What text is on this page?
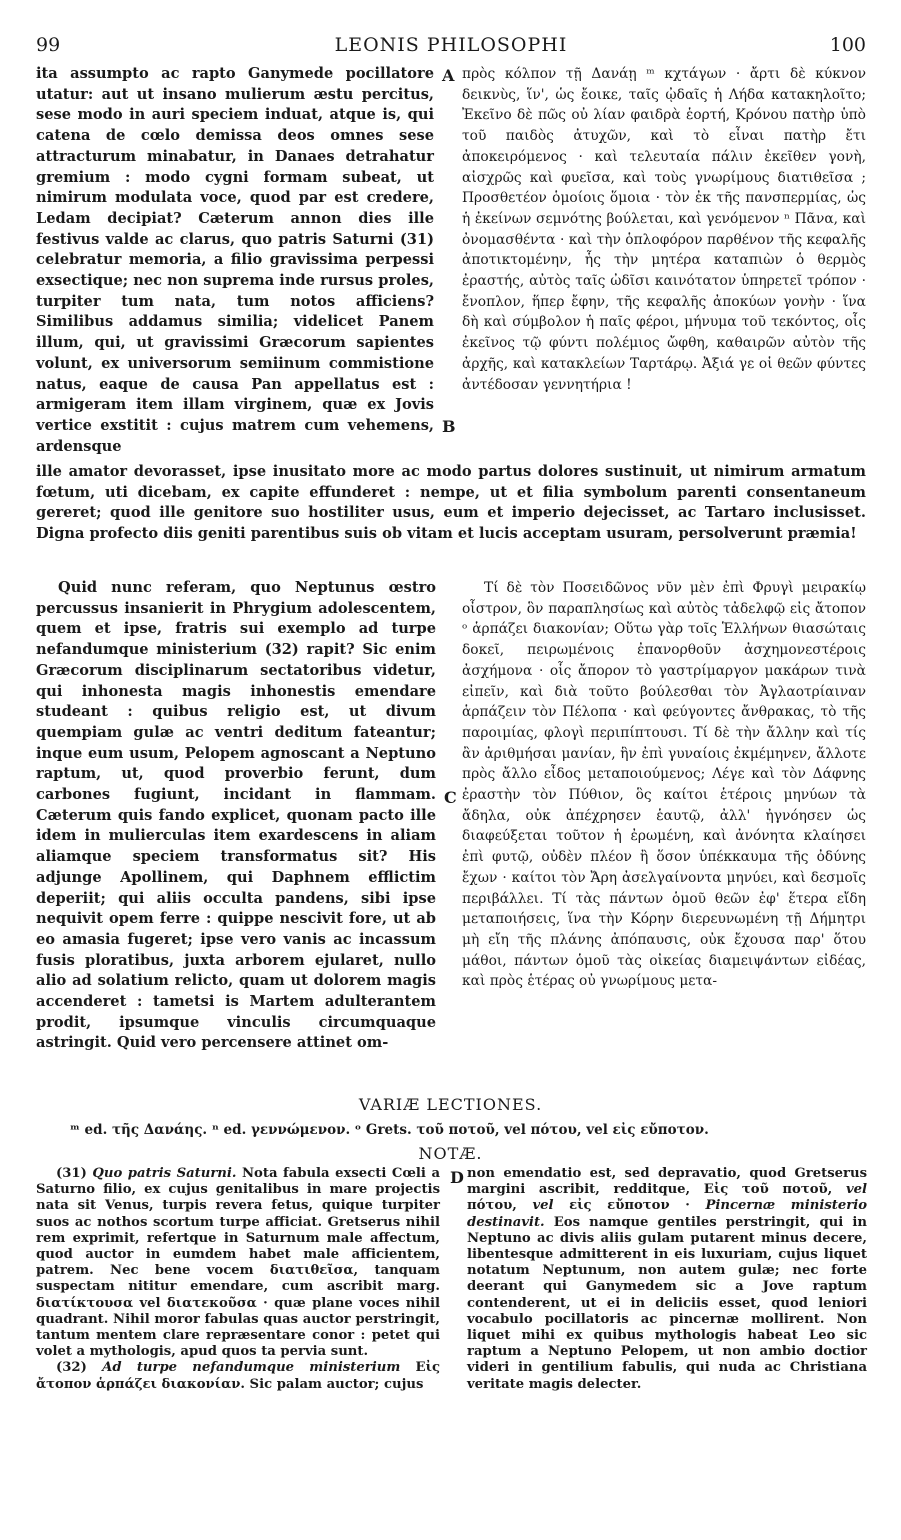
LEONIS PHILOSOPHI
99	100

ita assumpto ac rapto Ganymede pocillatore utatur: aut ut insano mulierum æstu percitus, sese modo in auri speciem induat, atque is, qui catena de cœlo demissa deos omnes sese attracturum minabatur, in Danaes detrahatur gremium : modo cygni formam subeat, ut nimirum modulata voce, quod par est credere, Ledam decipiat? Cæterum annon dies ille festivus valde ac clarus, quo patris Saturni (31) celebratur memoria, a filio gravissima perpessi exsectique; nec non suprema inde rursus proles, turpiter tum nata, tum notos afficiens? Similibus addamus similia; videlicet Panem illum, qui, ut gravissimi Græcorum sapientes volunt, ex universorum semiinum commistione natus, eaque de causa Pan appellatus est : armigeram item illam virginem, quæ ex Jovis vertice exstitit : cujus matrem cum vehemens, ardensque

A
B

πρὸς κόλπον τῇ Δανάῃ ᵐ κχτάγων · ἄρτι δὲ κύκνον δεικνὺς, ἵν', ὡς ἔοικε, ταῖς ᾠδαῖς ἡ Λήδα κατακηλοῖτο; Ἐκεῖνο δὲ πῶς οὐ λίαν φαιδρὰ ἑορτή, Κρόνου πατὴρ ὑπὸ τοῦ παιδὸς ἀτυχῶν, καὶ τὸ εἶναι πατὴρ ἔτι ἀποκειρόμενος · καὶ τελευταία πάλιν ἐκεῖθεν γονὴ, αἰσχρῶς καὶ φυεῖσα, καὶ τοὺς γνωρίμους διατιθεῖσα ; Προσθετέον ὁμοίοις ὅμοια · τὸν ἐκ τῆς πανσπερμίας, ὡς ἡ ἐκείνων σεμνότης βούλεται, καὶ γενόμενον ⁿ Πᾶνα, καὶ ὀνομασθέντα · καὶ τὴν ὁπλοφόρον παρθένον τῆς κεφαλῆς ἀποτικτομένην, ἧς τὴν μητέρα καταπιὼν ὁ θερμὸς ἐραστής, αὐτὸς ταῖς ὠδῖσι καινότατον ὑπηρετεῖ τρόπον · ἔνοπλον, ἥπερ ἔφην, τῆς κεφαλῆς ἀποκύων γονὴν · ἵνα δὴ καὶ σύμβολον ἡ παῖς φέροι, μήνυμα τοῦ τεκόντος, οἷς ἐκεῖνος τῷ φύντι πολέμιος ὤφθη, καθαιρῶν αὐτὸν τῆς ἀρχῆς, καὶ κατακλείων Ταρτάρῳ. Ἀξιά γε οἱ θεῶν φύντες ἀντέδοσαν γεννητήρια !

ille amator devorasset, ipse inusitato more ac modo partus dolores sustinuit, ut nimirum armatum fœtum, uti dicebam, ex capite effunderet : nempe, ut et filia symbolum parenti consentaneum gereret; quod ille genitore suo hostiliter usus, eum et imperio dejecisset, ac Tartaro inclusisset. Digna profecto diis geniti parentibus suis ob vitam et lucis acceptam usuram, persolverunt præmia!

Quid nunc referam, quo Neptunus œstro percussus insanierit in Phrygium adolescentem, quem et ipse, fratris sui exemplo ad turpe nefandumque ministerium (32) rapit? Sic enim Græcorum disciplinarum sectatoribus videtur, qui inhonesta magis inhonestis emendare studeant : quibus religio est, ut divum quempiam gulæ ac ventri deditum fateantur; inque eum usum, Pelopem agnoscant a Neptuno raptum, ut, quod proverbio ferunt, dum carbones fugiunt, incidant in flammam. Cæterum quis fando explicet, quonam pacto ille idem in mulierculas item exardescens in aliam aliamque speciem transformatus sit? His adjunge Apollinem, qui Daphnem efflictim deperiit; qui aliis occulta pandens, sibi ipse nequivit opem ferre : quippe nescivit fore, ut ab eo amasia fugeret; ipse vero vanis ac incassum fusis ploratibus, juxta arborem ejularet, nullo alio ad solatium relicto, quam ut dolorem magis accenderet : tametsi is Martem adulterantem prodit, ipsumque vinculis circumquaque astringit. Quid vero percensere attinet om-

C

Τί δὲ τὸν Ποσειδῶνος νῦν μὲν ἐπὶ Φρυγὶ μειρακίῳ οἶστρον, ὃν παραπλησίως καὶ αὐτὸς τἀδελφῷ εἰς ἄτοπον ᵒ ἁρπάζει διακονίαν; Οὕτω γὰρ τοῖς Ἑλλήνων θιασώταις δοκεῖ, πειρωμένοις ἐπανορθοῦν ἀσχημονεστέροις ἀσχήμονα · οἷς ἄπορον τὸ γαστρίμαργον μακάρων τινὰ εἰπεῖν, καὶ διὰ τοῦτο βούλεσθαι τὸν Ἀγλαοτρίαιναν ἁρπάζειν τὸν Πέλοπα · καὶ φεύγοντες ἄνθρακας, τὸ τῆς παροιμίας, φλογὶ περιπίπτουσι. Τί δὲ τὴν ἄλλην καὶ τίς ἂν ἀριθμήσαι μανίαν, ἣν ἐπὶ γυναίοις ἐκμέμηνεν, ἄλλοτε πρὸς ἄλλο εἶδος μεταποιούμενος; Λέγε καὶ τὸν Δάφνης ἐραστὴν τὸν Πύθιον, ὃς καίτοι ἑτέροις μηνύων τὰ ἄδηλα, οὐκ ἀπέχρησεν ἑαυτῷ, ἀλλ' ἠγνόησεν ὡς διαφεύξεται τοῦτον ἡ ἐρωμένη, καὶ ἀνόνητα κλαίησει ἐπὶ φυτῷ, οὐδὲν πλέον ἢ ὅσον ὑπέκκαυμα τῆς ὀδύνης ἔχων · καίτοι τὸν Ἄρη ἀσελγαίνοντα μηνύει, καὶ δεσμοῖς περιβάλλει. Τί τὰς πάντων ὁμοῦ θεῶν ἐφ' ἕτερα εἴδη μεταποιήσεις, ἵνα τὴν Κόρην διερευνωμένη τῇ Δήμητρι μὴ εἴη τῆς πλάνης ἀπόπαυσις, οὐκ ἔχουσα παρ' ὅτου μάθοι, πάντων ὁμοῦ τὰς οἰκείας διαμειψάντων εἰδέας, καὶ πρὸς ἑτέρας οὐ γνωρίμους μετα-

VARIÆ LECTIONES.
ᵐ ed. τῆς Δανάης. ⁿ ed. γεννώμενον. ᵒ Grets. τοῦ ποτοῦ, vel πότου, vel εἰς εὔποτον.
NOTÆ.

(31) Quo patris Saturni. Nota fabula exsecti Cœli a Saturno filio, ex cujus genitalibus in mare projectis nata sit Venus, turpis revera fetus, quique turpiter suos ac nothos scortum turpe afficiat. Gretserus nihil rem exprimit, refertque in Saturnum male affectum, quod auctor in eumdem habet male afficientem, patrem. Nec bene vocem διατιθεῖσα, tanquam suspectam nititur emendare, cum ascribit marg. διατίκτουσα vel διατεκοῦσα · quæ plane voces nihil quadrant. Nihil moror fabulas quas auctor perstringit, tantum mentem clare repræsentare conor : petet qui volet a mythologis, apud quos ta pervia sunt.

(32) Ad turpe nefandumque ministerium Εἰς ἄτοπον ἁρπάζει διακονίαν. Sic palam auctor; cujus

D non emendatio est, sed depravatio, quod Gretserus margini ascribit, redditque, Εἰς τοῦ ποτοῦ, vel πότου, vel εἰς εὔποτον · Pincernæ ministerio destinavit. Eos namque gentiles perstringit, qui in Neptuno ac divis aliis gulam putarent minus decere, libentesque admitterent in eis luxuriam, cujus liquet notatum Neptunum, non autem gulæ; nec forte deerant qui Ganymedem sic a Jove raptum contenderent, ut ei in deliciis esset, quod leniori vocabulo pocillatoris ac pincernæ mollirent. Non liquet mihi ex quibus mythologis habeat Leo sic raptum a Neptuno Pelopem, ut non ambio doctior videri in gentilium fabulis, qui nuda ac Christiana veritate magis delecter.
